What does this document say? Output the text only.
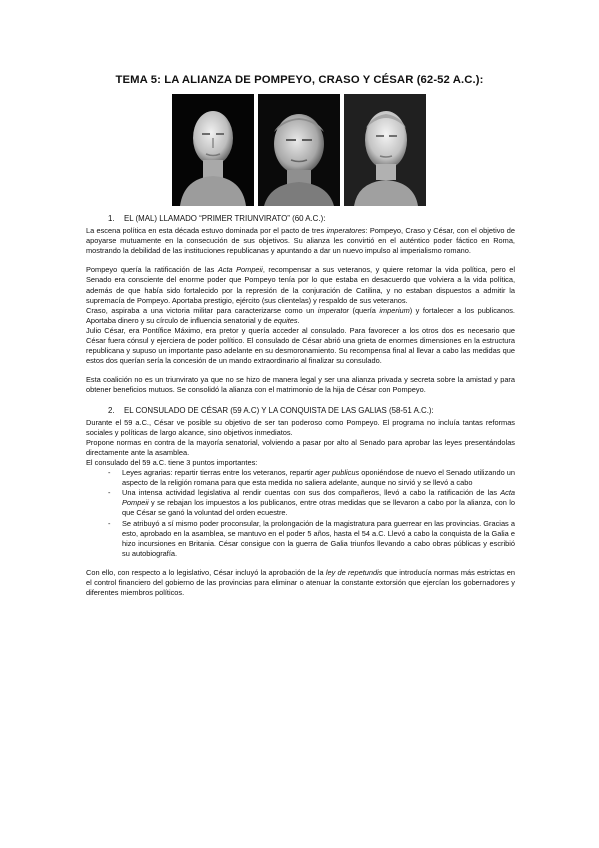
TEMA 5: LA ALIANZA DE POMPEYO, CRASO Y CÉSAR (62-52 A.C.):
1. EL (MAL) LLAMADO “PRIMER TRIUNVIRATO” (60 A.C.):

La escena política en esta década estuvo dominada por el pacto de tres imperatores: Pompeyo, Craso y César, con el objetivo de apoyarse mutuamente en la consecución de sus objetivos. Su alianza les convirtió en el auténtico poder fáctico en Roma, mostrando la debilidad de las instituciones republicanas y apuntando a dar un nuevo impulso al imperialismo romano.

Pompeyo quería la ratificación de las Acta Pompeii, recompensar a sus veteranos, y quiere retomar la vida política, pero el Senado era consciente del enorme poder que Pompeyo tenía por lo que estaba en desacuerdo que volviera a la vida política, además de que había sido fortalecido por la represión de la conjuración de Catilina, y no estaban dispuestos a admitir la supremacía de Pompeyo. Aportaba prestigio, ejército (sus clientelas) y respaldo de sus veteranos.

Craso, aspiraba a una victoria militar para caracterizarse como un imperator (quería imperium) y fortalecer a los publicanos. Aportaba dinero y su círculo de influencia senatorial y de equites.

Julio César, era Pontífice Máximo, era pretor y quería acceder al consulado. Para favorecer a los otros dos es necesario que César fuera cónsul y ejerciera de poder político. El consulado de César abrió una grieta de enormes dimensiones en la estructura republicana y supuso un importante paso adelante en su desmoronamiento. Su recompensa final al llevar a cabo las medidas que estos dos querían sería la concesión de un mando extraordinario al finalizar su consulado.

Esta coalición no es un triunvirato ya que no se hizo de manera legal y ser una alianza privada y secreta sobre la amistad y para obtener beneficios mutuos. Se consolidó la alianza con el matrimonio de la hija de César con Pompeyo.

2. EL CONSULADO DE CÉSAR (59 A.C) Y LA CONQUISTA DE LAS GALIAS (58-51 A.C.):

Durante el 59 a.C., César ve posible su objetivo de ser tan poderoso como Pompeyo. El programa no incluía tantas reformas sociales y políticas de largo alcance, sino objetivos inmediatos.

Propone normas en contra de la mayoría senatorial, volviendo a pasar por alto al Senado para aprobar las leyes presentándolas directamente ante la asamblea.

El consulado del 59 a.C. tiene 3 puntos importantes:

- Leyes agrarias: repartir tierras entre los veteranos, repartir ager publicus oponiéndose de nuevo el Senado utilizando un aspecto de la religión romana para que esta medida no saliera adelante, aunque no sirvió y se llevó a cabo
- Una intensa actividad legislativa al rendir cuentas con sus dos compañeros, llevó a cabo la ratificación de las Acta Pompeii y se rebajan los impuestos a los publicanos, entre otras medidas que se llevaron a cabo por la alianza, con lo que César se ganó la voluntad del orden ecuestre.
- Se atribuyó a sí mismo poder proconsular, la prolongación de la magistratura para guerrear en las provincias. Gracias a esto, aprobado en la asamblea, se mantuvo en el poder 5 años, hasta el 54 a.C. Llevó a cabo la conquista de la Galia e hizo incursiones en Britania. César consigue con la guerra de Galia triunfos llevando a cabo obras públicas y escribió su autobiografía.

Con ello, con respecto a lo legislativo, César incluyó la aprobación de la ley de repetundis que introducía normas más estrictas en el control financiero del gobierno de las provincias para eliminar o atenuar la constante extorsión que ejercían los gobernadores y diferentes miembros políticos.
